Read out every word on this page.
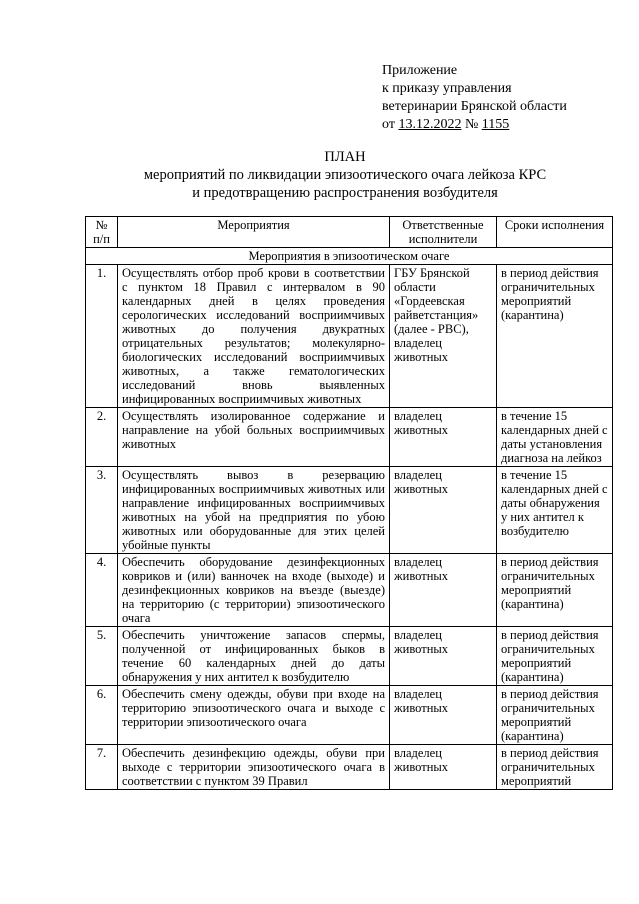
Приложение
к приказу управления
ветеринарии Брянской области
от 13.12.2022 № 1155
ПЛАН
мероприятий по ликвидации эпизоотического очага лейкоза КРС
и предотвращению распространения возбудителя
№ п/п	Мероприятия	Ответственные исполнители	Сроки исполнения
Мероприятия в эпизоотическом очаге			
1.	Осуществлять отбор проб крови в соответствии с пунктом 18 Правил с интервалом в 90 календарных дней в целях проведения серологических исследований восприимчивых животных до получения двукратных отрицательных результатов; молекулярно-биологических исследований восприимчивых животных, а также гематологических исследований вновь выявленных инфицированных восприимчивых животных	ГБУ Брянской области «Гордеевская райветстанция» (далее - РВС), владелец животных	в период действия ограничительных мероприятий (карантина)
2.	Осуществлять изолированное содержание и направление на убой больных восприимчивых животных	владелец животных	в течение 15 календарных дней с даты установления диагноза на лейкоз
3.	Осуществлять вывоз в резервацию инфицированных восприимчивых животных или направление инфицированных восприимчивых животных на убой на предприятия по убою животных или оборудованные для этих целей убойные пункты	владелец животных	в течение 15 календарных дней с даты обнаружения у них антител к возбудителю
4.	Обеспечить оборудование дезинфекционных ковриков и (или) ванночек на входе (выходе) и дезинфекционных ковриков на въезде (выезде) на территорию (с территории) эпизоотического очага	владелец животных	в период действия ограничительных мероприятий (карантина)
5.	Обеспечить уничтожение запасов спермы, полученной от инфицированных быков в течение 60 календарных дней до даты обнаружения у них антител к возбудителю	владелец животных	в период действия ограничительных мероприятий (карантина)
6.	Обеспечить смену одежды, обуви при входе на территорию эпизоотического очага и выходе с территории эпизоотического очага	владелец животных	в период действия ограничительных мероприятий (карантина)
7.	Обеспечить дезинфекцию одежды, обуви при выходе с территории эпизоотического очага в соответствии с пунктом 39 Правил	владелец животных	в период действия ограничительных мероприятий
